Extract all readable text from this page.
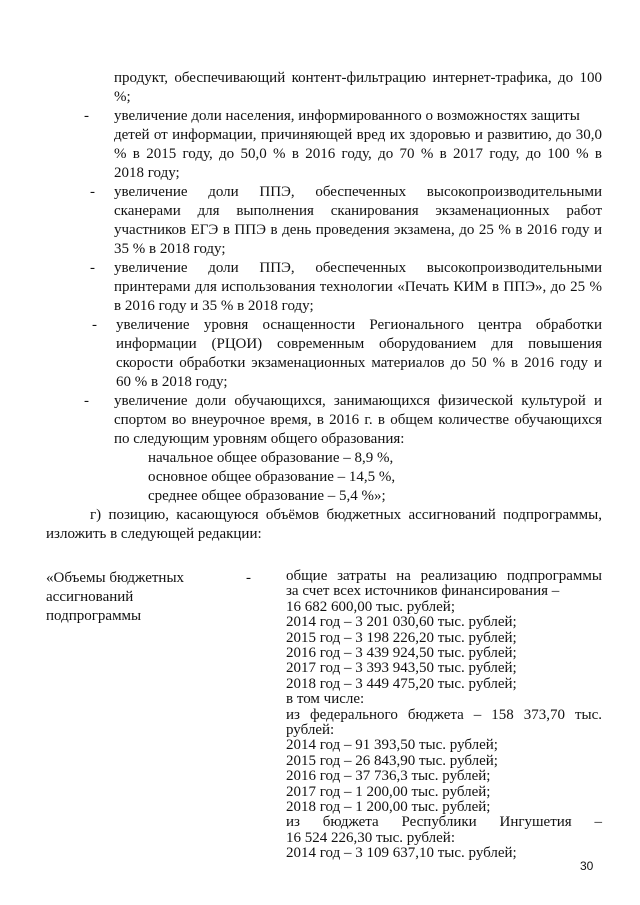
продукт, обеспечивающий контент-фильтрацию интернет-трафика, до 100
%;
- увеличение доли населения, информированного о возможностях защиты
детей от информации, причиняющей вред их здоровью и развитию, до 30,0
% в 2015 году, до 50,0 % в 2016 году, до 70 % в 2017 году, до 100 % в
2018 году;
- увеличение доли ППЭ, обеспеченных высокопроизводительными
сканерами для выполнения сканирования экзаменационных работ
участников ЕГЭ в ППЭ в день проведения экзамена, до 25 % в 2016 году и
35 % в 2018 году;
- увеличение доли ППЭ, обеспеченных высокопроизводительными
принтерами для использования технологии «Печать КИМ в ППЭ», до 25 %
в 2016 году и 35 % в 2018 году;
- увеличение уровня оснащенности Регионального центра обработки
информации (РЦОИ) современным оборудованием для повышения
скорости обработки экзаменационных материалов до 50 % в 2016 году и
60 % в 2018 году;
- увеличение доли обучающихся, занимающихся физической культурой и
спортом во внеурочное время, в 2016 г. в общем количестве обучающихся
по следующим уровням общего образования:
начальное общее образование – 8,9 %,
основное общее образование – 14,5 %,
среднее общее образование – 5,4 %»;
г) позицию, касающуюся объёмов бюджетных ассигнований подпрограммы,
изложить в следующей редакции:
«Объемы бюджетных
ассигнований
подпрограммы
-
30
общие затраты на реализацию подпрограммы
за счет всех источников финансирования –
16 682 600,00 тыс. рублей;
2014 год – 3 201 030,60 тыс. рублей;
2015 год – 3 198 226,20 тыс. рублей;
2016 год – 3 439 924,50 тыс. рублей;
2017 год – 3 393 943,50 тыс. рублей;
2018 год – 3 449 475,20 тыс. рублей;
в том числе:
из федерального бюджета – 158 373,70 тыс.
рублей:
2014 год – 91 393,50 тыс. рублей;
2015 год – 26 843,90 тыс. рублей;
2016 год – 37 736,3 тыс. рублей;
2017 год – 1 200,00 тыс. рублей;
2018 год – 1 200,00 тыс. рублей;
из бюджета Республики Ингушетия –
16 524 226,30 тыс. рублей:
2014 год – 3 109 637,10 тыс. рублей;
